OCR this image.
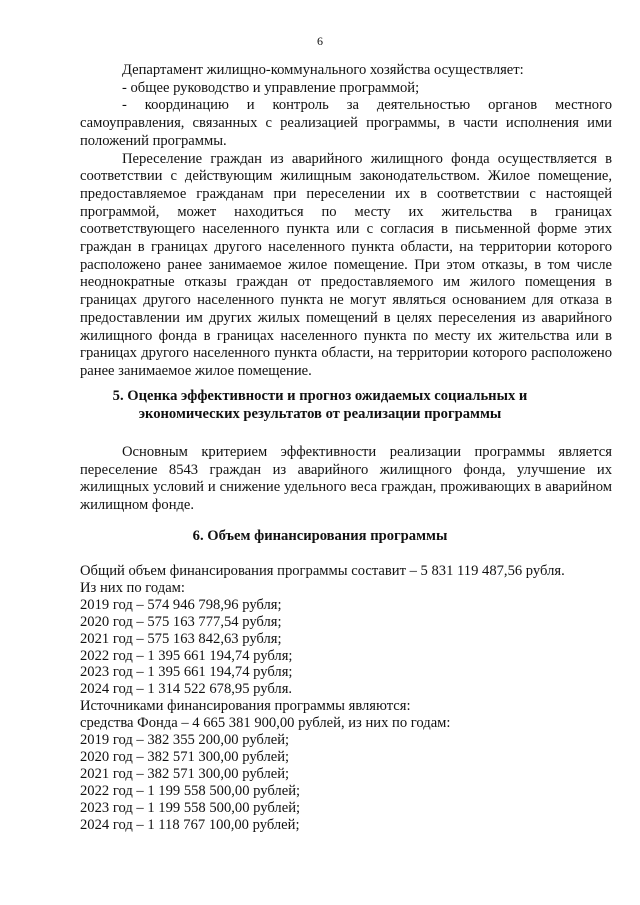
6

Департамент жилищно-коммунального хозяйства осуществляет:

- общее руководство и управление программой;

- координацию и контроль за деятельностью органов местного самоуправления, связанных с реализацией программы, в части исполнения ими положений программы.

Переселение граждан из аварийного жилищного фонда осуществляется в соответствии с действующим жилищным законодательством. Жилое помещение, предоставляемое гражданам при переселении их в соответствии с настоящей программой, может находиться по месту их жительства в границах соответствующего населенного пункта или с согласия в письменной форме этих граждан в границах другого населенного пункта области, на территории которого расположено ранее занимаемое жилое помещение. При этом отказы, в том числе неоднократные отказы граждан от предоставляемого им жилого помещения в границах другого населенного пункта не могут являться основанием для отказа в предоставлении им других жилых помещений в целях переселения из аварийного жилищного фонда в границах населенного пункта по месту их жительства или в границах другого населенного пункта области, на территории которого расположено ранее занимаемое жилое помещение.

5. Оценка эффективности и прогноз ожидаемых социальных и
экономических результатов от реализации программы

Основным критерием эффективности реализации программы является переселение 8543 граждан из аварийного жилищного фонда, улучшение их жилищных условий и снижение удельного веса граждан, проживающих в аварийном жилищном фонде.

6. Объем финансирования программы
Общий объем финансирования программы составит – 5 831 119 487,56 рубля.
Из них по годам:
2019 год – 574 946 798,96 рубля;
2020 год – 575 163 777,54 рубля;
2021 год – 575 163 842,63 рубля;
2022 год – 1 395 661 194,74 рубля;
2023 год – 1 395 661 194,74 рубля;
2024 год – 1 314 522 678,95 рубля.
Источниками финансирования программы являются:
средства Фонда – 4 665 381 900,00 рублей, из них по годам:
2019 год – 382 355 200,00 рублей;
2020 год – 382 571 300,00 рублей;
2021 год – 382 571 300,00 рублей;
2022 год – 1 199 558 500,00 рублей;
2023 год – 1 199 558 500,00 рублей;
2024 год – 1 118 767 100,00 рублей;
